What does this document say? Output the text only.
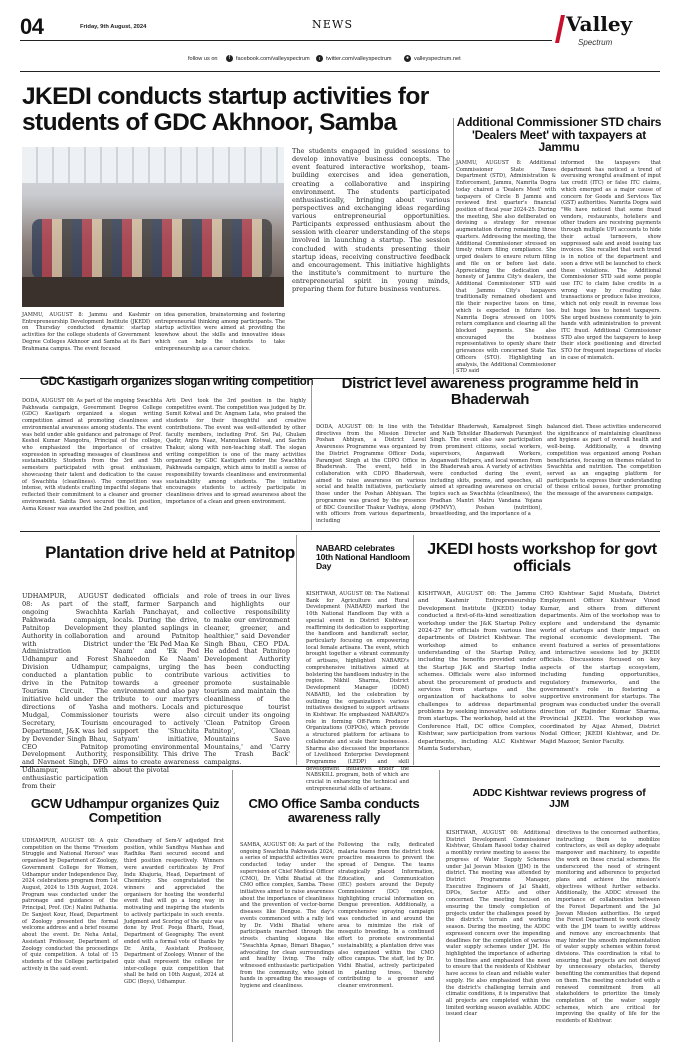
04	Friday, 9th August, 2024	NEWS	Valley
Spectrum
follow us on	f	facebook.com/valleyspectrum	t	twitter.com/valleyspectrum	● valleyspectrum.net
JKEDI conducts startup activities for students of GDC Akhnoor, Samba
JAMMU, AUGUST 8: Jammu and Kashmir Entrepreneurship Development Institute (JKEDI) on Thursday conducted dynamic startup activities for the college students of Government Degree Colleges Akhnoor and Samba at its Bari Brahmana campus. The event focused
on idea generation, brainstorming and fostering entrepreneurial thinking among participants. The startup activities were aimed at providing the knowhow about the skills and innovative ideas which can help the students to take entrepreneurship as a career choice.
The students engaged in guided sessions to develop innovative business concepts. The event featured interactive workshop, team-building exercises and idea generation, creating a collaborative and inspiring environment. The students participated enthusiastically, bringing about various perspectives and exchanging ideas regarding various entrepreneurial opportunities. Participants expressed enthusiasm about the session with clearer understanding of the steps involved in launching a startup. The session concluded with students presenting their startup ideas, receiving constructive feedback and encouragement. This initiative highlights the institute's commitment to nurture the entrepreneurial spirit in young minds, preparing them for future business ventures.
Additional Commissioner STD chairs 'Dealers Meet' with taxpayers at Jammu
JAMMU, AUGUST 8: Additional Commissioner State Taxes Department (STD), Administration & Enforcement, Jammu, Namrita Dogra today chaired a 'Dealers Meet' with taxpayers of Circle B Jammu and reviewed first quarter's financial position of fiscal year 2024-25. During the meeting, She also deliberated on devising a strategy for revenue augmentation during remaining three quarters. Addressing the meeting, the Additional Commissioner stressed on timely return filing compliance. She urged dealers to ensure return filing and file on or before last date. Appreciating the dedication and honesty of Jammu City's dealers, the Additional Commissioner STD said that Jammu City's taxpayers traditionally remained obedient and file their respective taxes on time, which is expected in future too. Namrita Dogra stressed on 100% return compliance and clearing all the blocked payments. She also encouraged the business representatives to openly share their grievances with concerned State Tax Officers (STO). Highlighting an analysis, the Additional Commissioner STD said
informed the taxpayers that department has noticed a trend of overusing wrongful availment of input tax credit (ITC) or false ITC claims, which emerged as a major cause of concern for Goods and Services Tax (GST) authorities. Namrita Dogra said "We have noticed that some fraud vendors, restaurants, hoteliers and other traders are receiving payments through multiple UPI accounts to hide their actual turnovers, show suppressed sale and avoid issuing tax invoices. She recalled that such trend is in notice of the department and soon a drive will be launched to check these violations. The Additional Commissioner STD said some people use ITC to claim false credits in a wrong way by creating fake transactions or produce false invoices, which not only result in revenue loss but huge loss to honest taxpayers. She urged business community to join hands with administration to prevent ITC fraud. Additional Commissioner STD also urged the taxpayers to keep their stock positioning and directed STO for frequent inspections of stocks in case of mismatch.
GDC Kastigarh organizes slogan writing competition
DODA, AUGUST 08: As part of the ongoing Swachhta Pakhwada campaign, Government Degree College (GDC) Kastigarh organized a slogan writing competition aimed at promoting cleanliness and environmental awareness among students. The event was held under able guidance and patronage of Prof. Keshol Kumar Mangotra, Principal of the college, who emphasized the importance of creative expression in spreading messages of cleanliness and sustainability. Students from the 3rd and 5th semesters participated with great enthusiasm, showcasing their talent and dedication to the cause of Swachhta (cleanliness). The competition was intense, with students crafting impactful slogans that reflected their commitment to a cleaner and greener environment. Sabita Devi secured the 1st position, Asma Kouser was awarded the 2nd position, and
Arti Devi took the 3rd position in the highly competitive event. The competition was judged by Dr. Sumit Kotwal and Dr. Angnam Lata, who praised the students for their thoughtful and creative contributions. The event was well-attended by other faculty members, including Prof. Sri Pal, Ghulam Qadir, Anjra Naaz, Mannulaan Kotwal, and Sachin Thakur, along with non-teaching staff. The slogan writing competition is one of the many activities organized by GDC Kastigarh under the Swachhta Pakhwada campaign, which aims to instill a sense of responsibility towards cleanliness and environmental sustainability among students. The initiative encourages students to actively participate in cleanliness drives and to spread awareness about the importance of a clean and green environment.
District level awareness programme held in Bhaderwah
DODA, AUGUST 08: In line with the directives from the Mission Director Poshan Abhiyan, a District Level Awareness Programme was organized by the District Programme Officer Doda, Paramjeet Singh at the CDPO Office in Bhaderwah. The event, held in collaboration with CDPO Bhaderwah, aimed to raise awareness on various social and health initiatives, particularly those under the Poshan Abhiyaan. The programme was graced by the presence of BDC Councillor Thakur Vadhiya, along with officers from various departments, including
Tehsildar Bhaderwah, Kamalpreet Singh and Naib Tehsildar Bhaderwah Paramjeet Singh. The event also saw participation from prominent citizens, social workers, supervisors, Anganwadi Workers, Anganwadi Helpers, and local women from the Bhaderwah area. A variety of activities were conducted during the event, including skits, poems, and speeches, all aimed at spreading awareness on crucial topics such as Swachhta (cleanliness), the Pradhan Mantri Matru Vandana Yojana (PMMVY), Poshan (nutrition), breastfeeding, and the importance of a
balanced diet. These activities underscored the significance of maintaining cleanliness and hygiene as part of overall health and well-being. Additionally, a drawing competition was organized among Poshan beneficiaries, focusing on themes related to Swachhta and nutrition. The competition served as an engaging platform for participants to express their understanding of these critical issues, further promoting the message of the awareness campaign.
Plantation drive held at Patnitop
UDHAMPUR, AUGUST 08: As part of the ongoing Swachhta Pakhwada campaign, Patnitop Development Authority in collaboration with District Administration Udhampur and Forest Division Udhampur, conducted a plantation drive in the Patnitop Tourism Circuit. The initiative held under the directions of Yasha Mudgal, Commissioner Secretary, Tourism Department, J&K was led by Devender Singh Bhau, CEO Patnitop Development Authority, and Navneet Singh, DFO Udhampur, with enthusiastic participation from their
dedicated officials and staff, farmer Sarpanch Karlah Panchayat, and locals. During the drive, they planted saplings in and around Patnitop under the 'Ek Ped Maa Ke Naam' and 'Ek Ped Shaheedon Ke Naam' campaigns, urging the public to contribute towards a greener environment and also pay tribute to our martyrs and mothers. Locals and tourists were also encouraged to actively support the 'Shuchita Satyam' initiative, promoting environmental responsibility. This drive aims to create awareness about the pivotal
role of trees in our lives and highlights our collective responsibility to make our environment cleaner, greener, and healthier," said Devender Singh Bhau, CEO PDA. He added that Patnitop Development Authority has been conducting various activities to promote sustainable tourism and maintain the cleanliness of the picturesque tourist circuit under its ongoing 'Clean Patnitop Green Patnitop', 'Clean Mountains Save Mountains,' and 'Carry The Trash Back' campaigns.
NABARD celebrates 10th National Handloom Day
KISHTWAR, AUGUST 08: The National Bank for Agriculture and Rural Development (NABARD) marked the 10th National Handloom Day with a special event in District Kishtwar, reaffirming its dedication to supporting the handloom and handicraft sector, particularly focusing on empowering local female artisans. The event, which brought together a vibrant community of artisans, highlighted NABARD's comprehensive initiatives aimed at bolstering the handloom industry in the region. Nikhil Sharma, District Development Manager (DDM) NABARD, led the celebration by outlining the organization's various initiatives designed to support artisans in Kishtwar. He emphasized NABARD's role in forming Off-Farm Producer Organizations (OFPOs), which provide a structured platform for artisans to collaborate and scale their businesses. Sharma also discussed the importance of Livelihood Enterprise Development Programme (LEDP) and skill development initiatives under the NABSKILL program, both of which are crucial in enhancing the technical and entrepreneurial skills of artisans.
JKEDI hosts workshop for govt officials
KISHTWAR, AUGUST 08: The Jammu and Kashmir Entrepreneurship Development Institute (JKEDI) today conducted a first-of-its-kind sensitization workshop under the J&K Startup Policy 2024-27 for officials from various line departments of District Kishtwar. The workshop aimed to enhance understanding of the Startup Policy, including the benefits provided under the Startup J&K and Startup India schemes. Officials were also informed about the procurement of products and services from startups and the organization of hackathons to solve challenges to address departmental problems by seeking innovative solutions from startups. The workshop, held at the Conference Hall, DC office Complex, Kishtwar, saw participation from various departments, including ALC Kishtwar Mamta Sudershan,
CHO Kishtwar Sajid Mustafa, District Employment Officer Kishtwar Vinod Kumar, and others from different departments. Aim of the workshop was to explore and understand the dynamic world of startups and their impact on regional economic development. The event featured a series of presentations and interactive sessions led by JKEDI officials. Discussions focused on key aspects of the startup ecosystem, including funding opportunities, regulatory frameworks, and the government's role in fostering a supportive environment for startups. The program was conducted under the overall direction of Rajinder Kumar Sharma, Provincial JKEDI. The workshop was coordinated by Aijaz Ahmed, District Nodal Officer, JKEDI Kishtwar, and Dr. Majid Mazoor, Senior Faculty.
GCW Udhampur organizes Quiz Competition
UDHAMPUR, AUGUST 08: A quiz competition on the theme "Freedom Struggle and National Heroes" was organised by Department of Zoology, Government College for Women, Udhampur under Independence Day, 2024 celebrations program from 1st August, 2024 to 15th August, 2024. Program was conducted under the patronage and guidance of the Principal, Prof. (Dr.) Nalini Pathania. Dr. Sanjeet Kour, Head, Department of Zoology presented the formal welcome address and a brief resume about the event. Dr. Neha Antal, Assistant Professor, Department of Zoology conducted the proceedings of quiz competition. A total of 15 students of the College participated actively in the said event.
Choudhary of Sem-V adjudged first position, while Sandhya Manhas and Radhika Rani secured second and third position respectively. Winners were awarded certificates by Prof Indu Khajuria, Head, Department of Chemistry. She congratulated the winners and appreciated the organisers for hosting the wonderful event that will go a long way in motivating and inspiring the students to actively participate in such events. Judgment and Scoring of the quiz was done by Prof. Pooja Bharti, Head, Department of Geography. The event ended with a formal vote of thanks by Dr. Anita, Assistant Professor, Department of Zoology. Winner of the quiz shall represent the college for inter-college quiz competition that shall be held on 10th August, 2024 at GDC (Boys), Udhampur.
CMO Office Samba conducts awareness rally
SAMBA, AUGUST 08: As part of the ongoing Swachhta Pakhwada 2024, a series of impactful activities were conducted today under the supervision of Chief Medical Officer (CMO), Dr. Vidhi Bhatial at the CMO office complex, Samba. These initiatives aimed to raise awareness about the importance of cleanliness and the prevention of vector-borne diseases like Dengue. The day's events commenced with a rally led by Dr. Vidhi Bhatial where participants marched through the streets chanting slogans like "Swachhta Apnao, Bimari Bhagao," advocating for clean surroundings and healthy living. The rally witnessed enthusiastic participation from the community, who joined hands in spreading the message of hygiene and cleanliness.
Following the rally, dedicated malaria teams from the district took proactive measures to prevent the spread of Dengue. The teams strategically placed Information, Education, and Communication (IEC) posters around the Deputy Commissioner (DC) complex, highlighting crucial information on Dengue prevention. Additionally, a comprehensive spraying campaign was conducted in and around the area to minimize the risk of mosquito breeding. In a continued effort to promote environmental sustainability, a plantation drive was also organized within the CMO office campus. The staff, led by Dr. Vidhi Bhatial, actively participated in planting trees, thereby contributing to a greener and cleaner environment.
ADDC Kishtwar reviews progress of JJM
KISHTWAR, AUGUST 08: Additional District Development Commissioner Kishtwar, Ghulam Rasool today chaired a monthly review meeting to assess the progress of Water Supply Schemes under Jal Jeevan Mission (JJM) in the district. The meeting was attended by District Programme Manager, Executive Engineers of Jal Shakti, DPOs, Sector AEEs and other concerned. The meeting focused on ensuring the timely completion of projects under the challenges posed by the district's terrain and working season. During the meeting, the ADDC expressed concern over the impending deadlines for the completion of various water supply schemes under JJM. He highlighted the importance of adhering to timelines and emphasized the need to ensure that the residents of Kishtwar have access to clean and reliable water supply. He also emphasized that given the district's challenging terrain and climatic conditions, it is imperative that all projects are completed within the limited working season available. ADDC issued clear
directives to the concerned authorities, instructing them to mobilize contractors, as well as deploy adequate manpower and machinery, to expedite the work on these crucial schemes. He underscored the need of stringent monitoring and adherence to projected plans and achieve the mission's objectives without further setbacks. Additionally, the ADDC stressed the importance of collaboration between the Forest Department and the Jal Jeevan Mission authorities. He urged the Forest Department to work closely with the JJM team to swiftly address and remove any encroachments that may hinder the smooth implementation of water supply schemes within forest divisions. This coordination is vital to ensuring that projects are not delayed by unnecessary obstacles, thereby benefiting the communities that depend on them. The meeting concluded with a renewed commitment from all stakeholders to prioritize the timely completion of the water supply schemes, which are critical for improving the quality of life for the residents of Kishtwar.
